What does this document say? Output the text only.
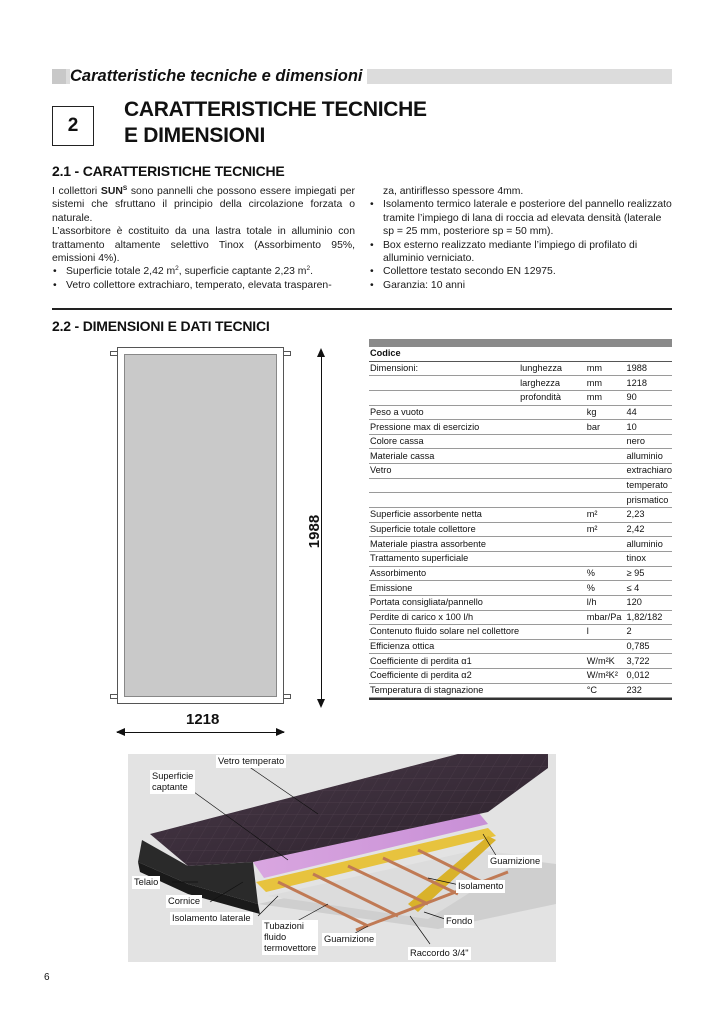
Caratteristiche tecniche e dimensioni
2
CARATTERISTICHE TECNICHE
E DIMENSIONI
2.1 - CARATTERISTICHE TECNICHE

I collettori $SUN^S$ sono pannelli che possono essere impiegati per sistemi che sfruttano il principio della circolazione forzata o naturale.

L’assorbitore è costituito da una lastra totale in alluminio con trattamento altamente selettivo Tinox (Assorbimento 95%, emissioni 4%).

• Superficie totale 2,42 $m^2$, superficie captante 2,23 $m^2$.
• Vetro collettore extrachiaro, temperato, elevata trasparen-
za, antiriflesso spessore 4mm.
• Isolamento termico laterale e posteriore del pannello realizzato tramite l’impiego di lana di roccia ad elevata densità (laterale sp = 25 mm, posteriore sp = 50 mm).
• Box esterno realizzato mediante l’impiego di profilato di alluminio verniciato.
• Collettore testato secondo EN 12975.
• Garanzia: 10 anni
2.2 - DIMENSIONI E DATI TECNICI
1988
1218
Codice			
Dimensioni:	lunghezza	mm	1988
	larghezza	mm	1218
	profondità	mm	90
Peso a vuoto		kg	44
Pressione max di esercizio		bar	10
Colore cassa			nero
Materiale cassa			alluminio
Vetro			extrachiaro
			temperato
			prismatico
Superficie assorbente netta		m²	2,23
Superficie totale collettore		m²	2,42
Materiale piastra assorbente			alluminio
Trattamento superficiale			tinox
Assorbimento		%	≥ 95
Emissione		%	≤ 4
Portata consigliata/pannello		l/h	120
Perdite di carico x 100 l/h		mbar/Pa	1,82/182
Contenuto fluido solare nel collettore		l	2
Efficienza ottica			0,785
Coefficiente di perdita α1		W/m²K	3,722
Coefficiente di perdita α2		W/m²K²	0,012
Temperatura di stagnazione		°C	232
Vetro temperato
Superficie
captante
Guarnizione
Telaio	Isolamento
Cornice
Isolamento laterale	Fondo
Tubazioni
fluido
termovettore
Guarnizione
Raccordo 3/4"
6
